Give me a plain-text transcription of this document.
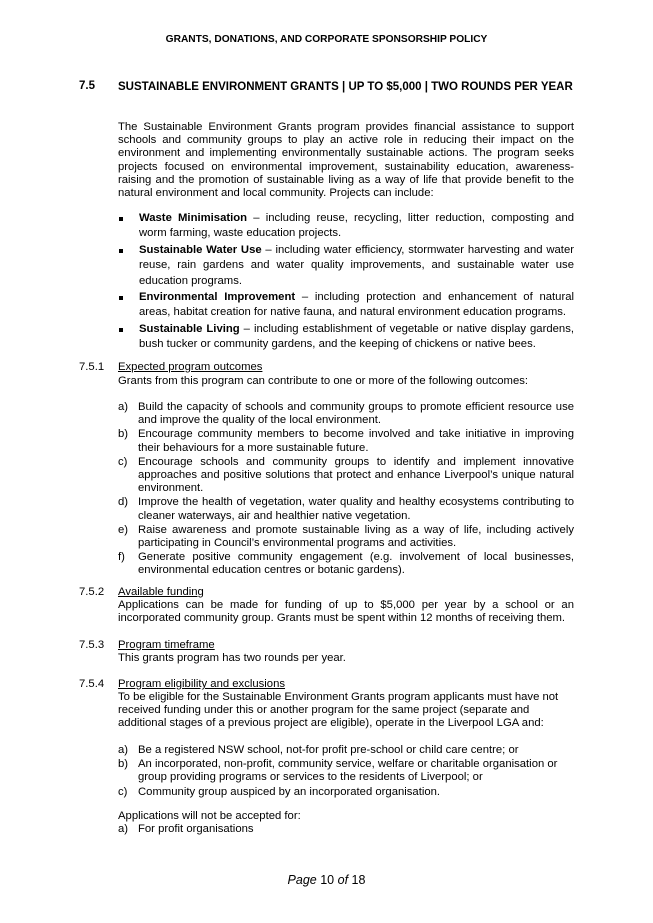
GRANTS, DONATIONS, AND CORPORATE SPONSORSHIP POLICY
7.5 SUSTAINABLE ENVIRONMENT GRANTS | UP TO $5,000 | TWO ROUNDS PER YEAR
The Sustainable Environment Grants program provides financial assistance to support schools and community groups to play an active role in reducing their impact on the environment and implementing environmentally sustainable actions. The program seeks projects focused on environmental improvement, sustainability education, awareness-raising and the promotion of sustainable living as a way of life that provide benefit to the natural environment and local community. Projects can include:
Waste Minimisation – including reuse, recycling, litter reduction, composting and worm farming, waste education projects.
Sustainable Water Use – including water efficiency, stormwater harvesting and water reuse, rain gardens and water quality improvements, and sustainable water use education programs.
Environmental Improvement – including protection and enhancement of natural areas, habitat creation for native fauna, and natural environment education programs.
Sustainable Living – including establishment of vegetable or native display gardens, bush tucker or community gardens, and the keeping of chickens or native bees.
7.5.1 Expected program outcomes
Grants from this program can contribute to one or more of the following outcomes:
a) Build the capacity of schools and community groups to promote efficient resource use and improve the quality of the local environment.
b) Encourage community members to become involved and take initiative in improving their behaviours for a more sustainable future.
c) Encourage schools and community groups to identify and implement innovative approaches and positive solutions that protect and enhance Liverpool’s unique natural environment.
d) Improve the health of vegetation, water quality and healthy ecosystems contributing to cleaner waterways, air and healthier native vegetation.
e) Raise awareness and promote sustainable living as a way of life, including actively participating in Council’s environmental programs and activities.
f) Generate positive community engagement (e.g. involvement of local businesses, environmental education centres or botanic gardens).
7.5.2 Available funding
Applications can be made for funding of up to $5,000 per year by a school or an incorporated community group. Grants must be spent within 12 months of receiving them.
7.5.3 Program timeframe
This grants program has two rounds per year.
7.5.4 Program eligibility and exclusions
To be eligible for the Sustainable Environment Grants program applicants must have not received funding under this or another program for the same project (separate and additional stages of a previous project are eligible), operate in the Liverpool LGA and:
a) Be a registered NSW school, not-for profit pre-school or child care centre; or
b) An incorporated, non-profit, community service, welfare or charitable organisation or group providing programs or services to the residents of Liverpool; or
c) Community group auspiced by an incorporated organisation.
Applications will not be accepted for:
a) For profit organisations
Page 10 of 18
